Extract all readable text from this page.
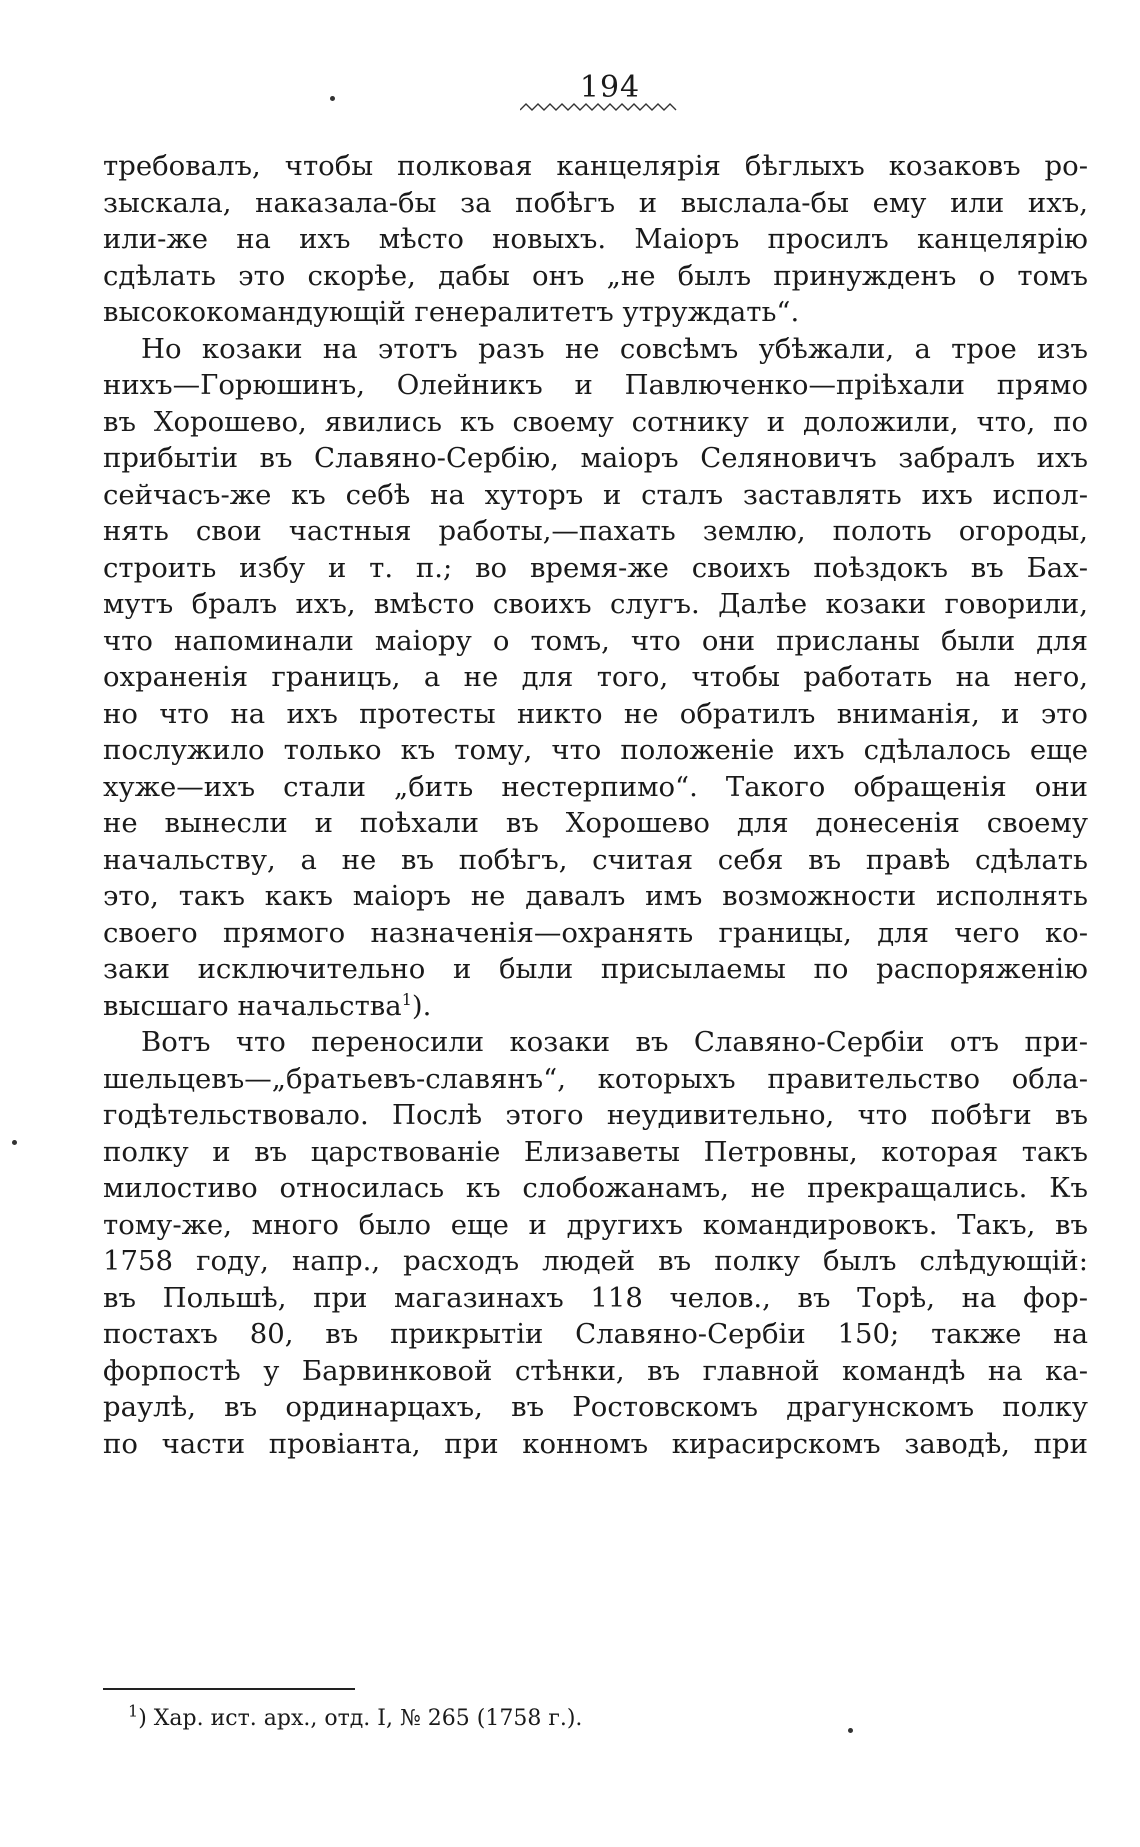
194
требовалъ, чтобы полковая канцелярія бѣглыхъ козаковъ ро-
зыскала, наказала-бы за побѣгъ и выслала-бы ему или ихъ,
или-же на ихъ мѣсто новыхъ. Маіоръ просилъ канцелярію
сдѣлать это скорѣе, дабы онъ „не былъ принужденъ о томъ
высококомандующій генералитетъ утруждать“.
Но козаки на этотъ разъ не совсѣмъ убѣжали, а трое изъ
нихъ—Горюшинъ, Олейникъ и Павлюченко—пріѣхали прямо
въ Хорошево, явились къ своему сотнику и доложили, что, по
прибытіи въ Славяно-Сербію, маіоръ Селяновичъ забралъ ихъ
сейчасъ-же къ себѣ на хуторъ и сталъ заставлять ихъ испол-
нять свои частныя работы,—пахать землю, полоть огороды,
строить избу и т. п.; во время-же своихъ поѣздокъ въ Бах-
мутъ бралъ ихъ, вмѣсто своихъ слугъ. Далѣе козаки говорили,
что напоминали маіору о томъ, что они присланы были для
охраненія границъ, а не для того, чтобы работать на него,
но что на ихъ протесты никто не обратилъ вниманія, и это
послужило только къ тому, что положеніе ихъ сдѣлалось еще
хуже—ихъ стали „бить нестерпимо“. Такого обращенія они
не вынесли и поѣхали въ Хорошево для донесенія своему
начальству, а не въ побѣгъ, считая себя въ правѣ сдѣлать
это, такъ какъ маіоръ не давалъ имъ возможности исполнять
своего прямого назначенія—охранять границы, для чего ко-
заки исключительно и были присылаемы по распоряженію
высшаго начальства$^1$).
Вотъ что переносили козаки въ Славяно-Сербіи отъ при-
шельцевъ—„братьевъ-славянъ“, которыхъ правительство обла-
годѣтельствовало. Послѣ этого неудивительно, что побѣги въ
полку и въ царствованіе Елизаветы Петровны, которая такъ
милостиво относилась къ слобожанамъ, не прекращались. Къ
тому-же, много было еще и другихъ командировокъ. Такъ, въ
1758 году, напр., расходъ людей въ полку былъ слѣдующій:
въ Польшѣ, при магазинахъ 118 челов., въ Торѣ, на фор-
постахъ 80, въ прикрытіи Славяно-Сербіи 150; также на
форпостѣ у Барвинковой стѣнки, въ главной командѣ на ка-
раулѣ, въ ординарцахъ, въ Ростовскомъ драгунскомъ полку
по части провіанта, при конномъ кирасирскомъ заводѣ, при
$^1$) Хар. ист. арх., отд. I, № 265 (1758 г.).
